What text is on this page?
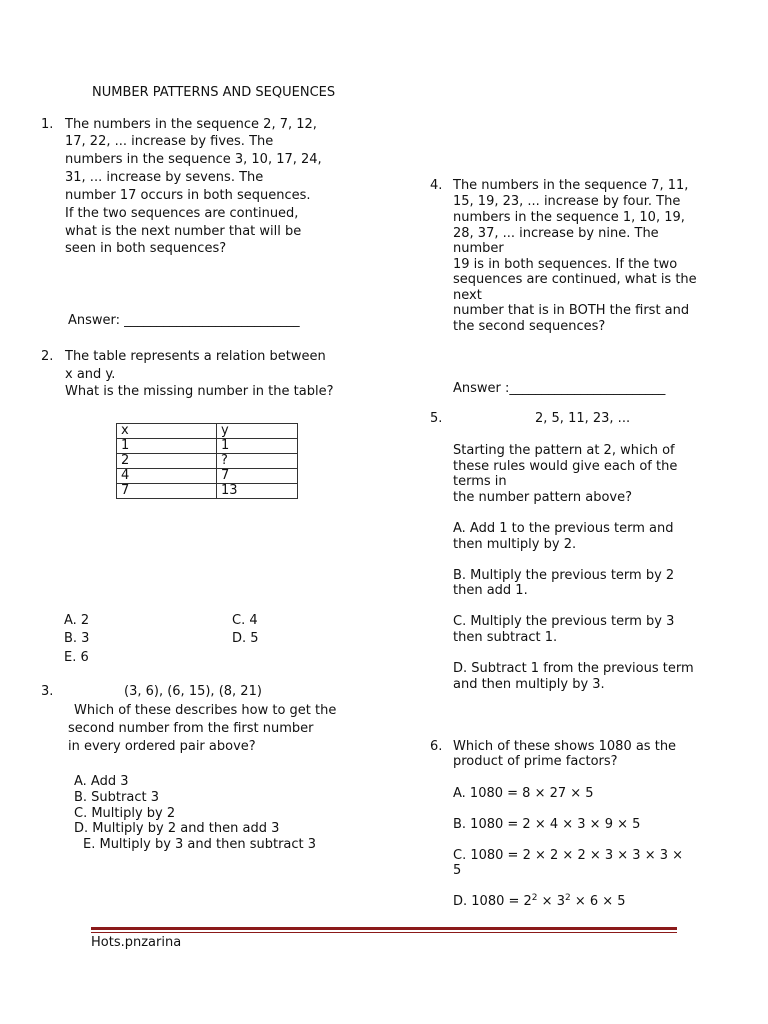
NUMBER PATTERNS AND SEQUENCES
1. The numbers in the sequence 2, 7, 12,
17, 22, ... increase by fives. The
numbers in the sequence 3, 10, 17, 24,
31, ... increase by sevens. The
number 17 occurs in both sequences.
If the two sequences are continued,
what is the next number that will be
seen in both sequences?
Answer: ___________________________
2. The table represents a relation between
x and y.
What is the missing number in the table?
x	y
1	1
2	?
4	7
7	13
A. 2	C. 4
B. 3	D. 5
E. 6
3.	(3, 6), (6, 15), (8, 21)
Which of these describes how to get the
second number from the first number
in every ordered pair above?
A. Add 3
B. Subtract 3
C. Multiply by 2
D. Multiply by 2 and then add 3
E. Multiply by 3 and then subtract 3
4. The numbers in the sequence 7, 11,
15, 19, 23, ... increase by four. The
numbers in the sequence 1, 10, 19,
28, 37, ... increase by nine. The
number
19 is in both sequences. If the two
sequences are continued, what is the
next
number that is in BOTH the first and
the second sequences?
Answer :________________________
5.	2, 5, 11, 23, ...
Starting the pattern at 2, which of
these rules would give each of the
terms in
the number pattern above?
A. Add 1 to the previous term and
then multiply by 2.
B. Multiply the previous term by 2
then add 1.
C. Multiply the previous term by 3
then subtract 1.
D. Subtract 1 from the previous term
and then multiply by 3.
6. Which of these shows 1080 as the
product of prime factors?
A. 1080 = 8 × 27 × 5
B. 1080 = 2 × 4 × 3 × 9 × 5
C. 1080 = 2 × 2 × 2 × 3 × 3 × 3 ×
5
D. $1080 = 2^2 \times 3^2 \times 6 \times 5$
Hots.pnzarina
